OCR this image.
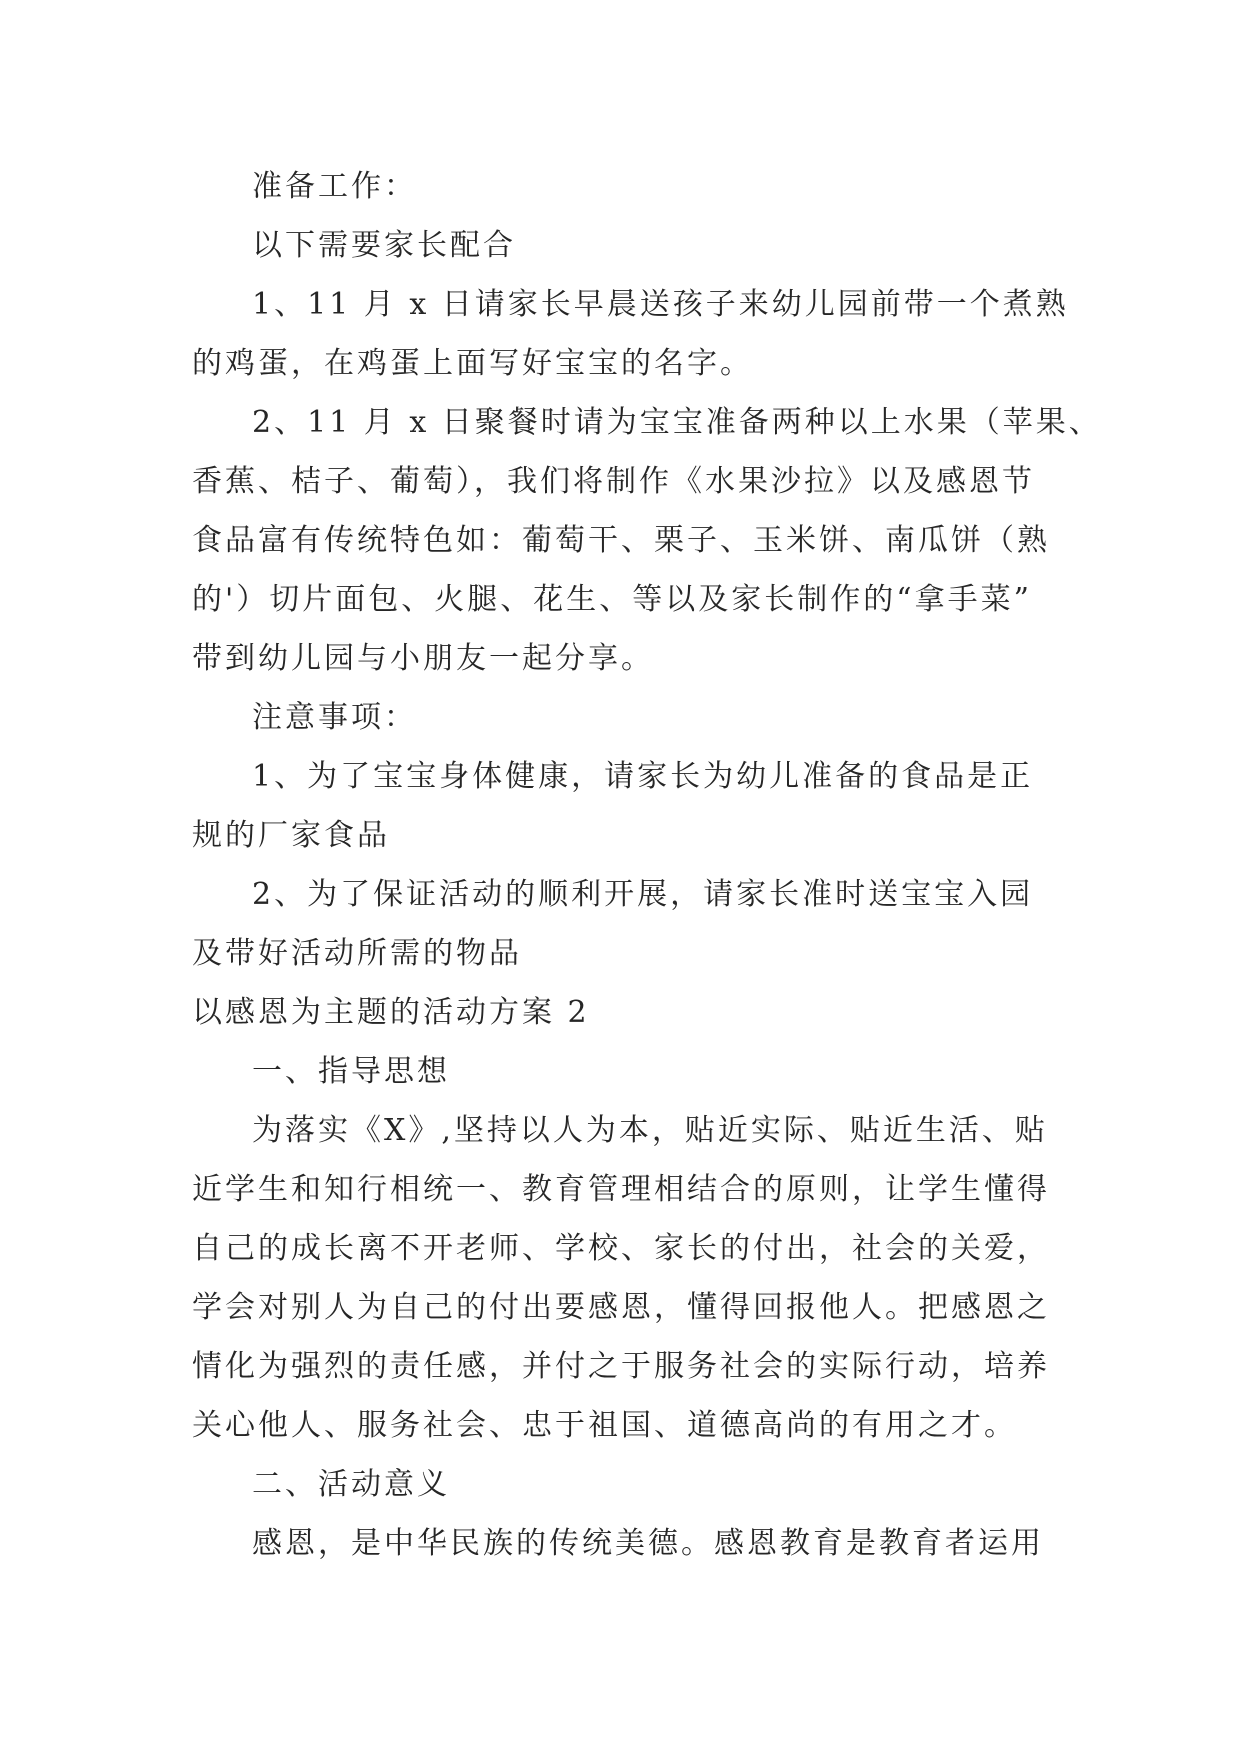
准备工作：
以下需要家长配合
1、11 月 x 日请家长早晨送孩子来幼儿园前带一个煮熟
的鸡蛋，在鸡蛋上面写好宝宝的名字。
2、11 月 x 日聚餐时请为宝宝准备两种以上水果（苹果、
香蕉、桔子、葡萄），我们将制作《水果沙拉》以及感恩节
食品富有传统特色如：葡萄干、栗子、玉米饼、南瓜饼（熟
的'）切片面包、火腿、花生、等以及家长制作的“拿手菜”
带到幼儿园与小朋友一起分享。
注意事项：
1、为了宝宝身体健康，请家长为幼儿准备的食品是正
规的厂家食品
2、为了保证活动的顺利开展，请家长准时送宝宝入园
及带好活动所需的物品
以感恩为主题的活动方案 2
一、指导思想
为落实《X》,坚持以人为本，贴近实际、贴近生活、贴
近学生和知行相统一、教育管理相结合的原则，让学生懂得
自己的成长离不开老师、学校、家长的付出，社会的关爱，
学会对别人为自己的付出要感恩，懂得回报他人。把感恩之
情化为强烈的责任感，并付之于服务社会的实际行动，培养
关心他人、服务社会、忠于祖国、道德高尚的有用之才。
二、活动意义
感恩，是中华民族的传统美德。感恩教育是教育者运用
